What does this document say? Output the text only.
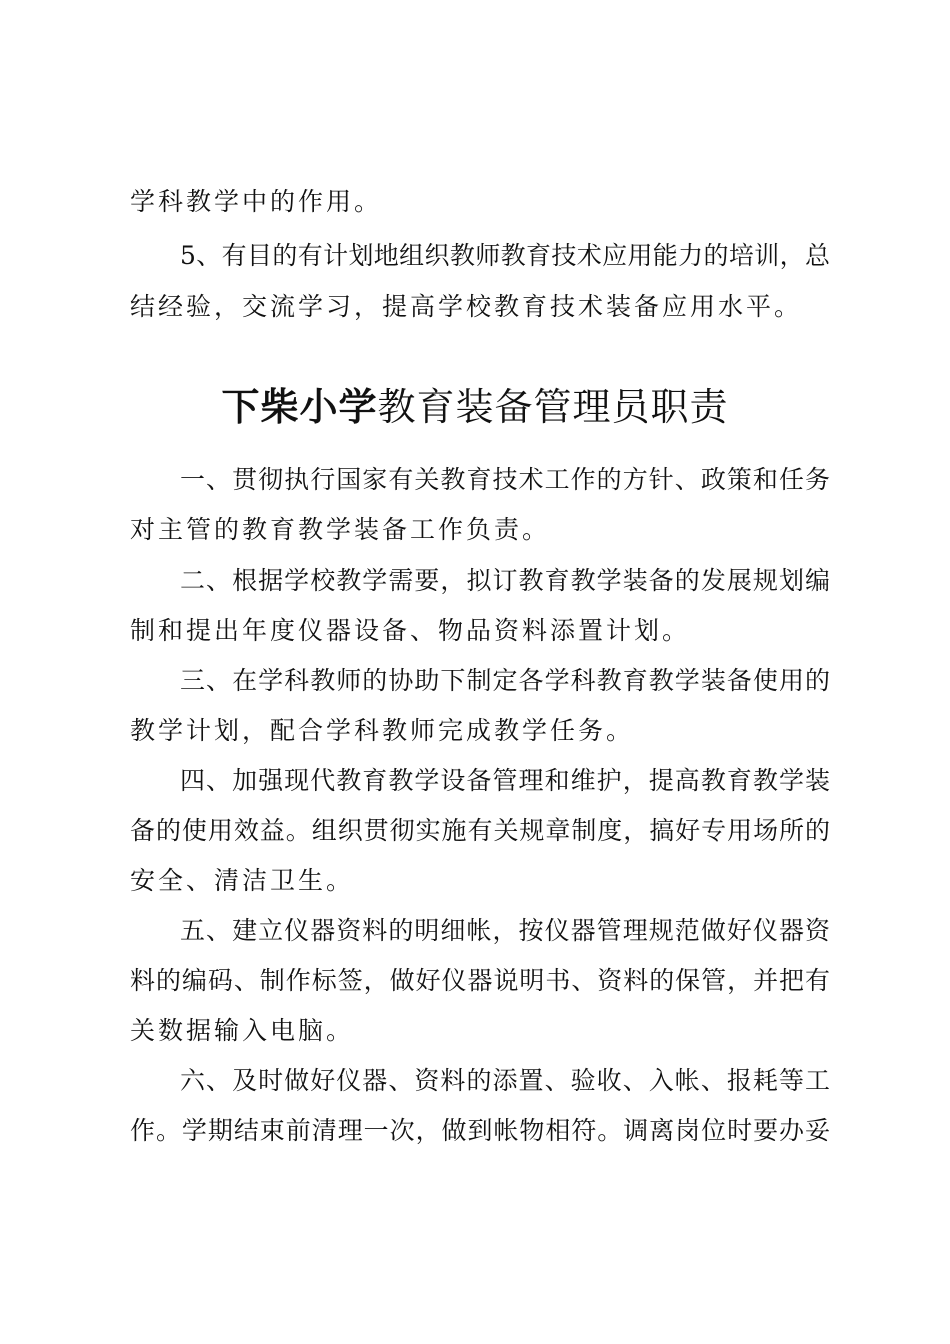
学科教学中的作用。
5、有目的有计划地组织教师教育技术应用能力的培训，总
结经验，交流学习，提高学校教育技术装备应用水平。
下柴小学教育装备管理员职责
一、贯彻执行国家有关教育技术工作的方针、政策和任务
对主管的教育教学装备工作负责。
二、根据学校教学需要，拟订教育教学装备的发展规划编
制和提出年度仪器设备、物品资料添置计划。
三、在学科教师的协助下制定各学科教育教学装备使用的
教学计划，配合学科教师完成教学任务。
四、加强现代教育教学设备管理和维护，提高教育教学装
备的使用效益。组织贯彻实施有关规章制度，搞好专用场所的
安全、清洁卫生。
五、建立仪器资料的明细帐，按仪器管理规范做好仪器资
料的编码、制作标签，做好仪器说明书、资料的保管，并把有
关数据输入电脑。
六、及时做好仪器、资料的添置、验收、入帐、报耗等工
作。学期结束前清理一次，做到帐物相符。调离岗位时要办妥
